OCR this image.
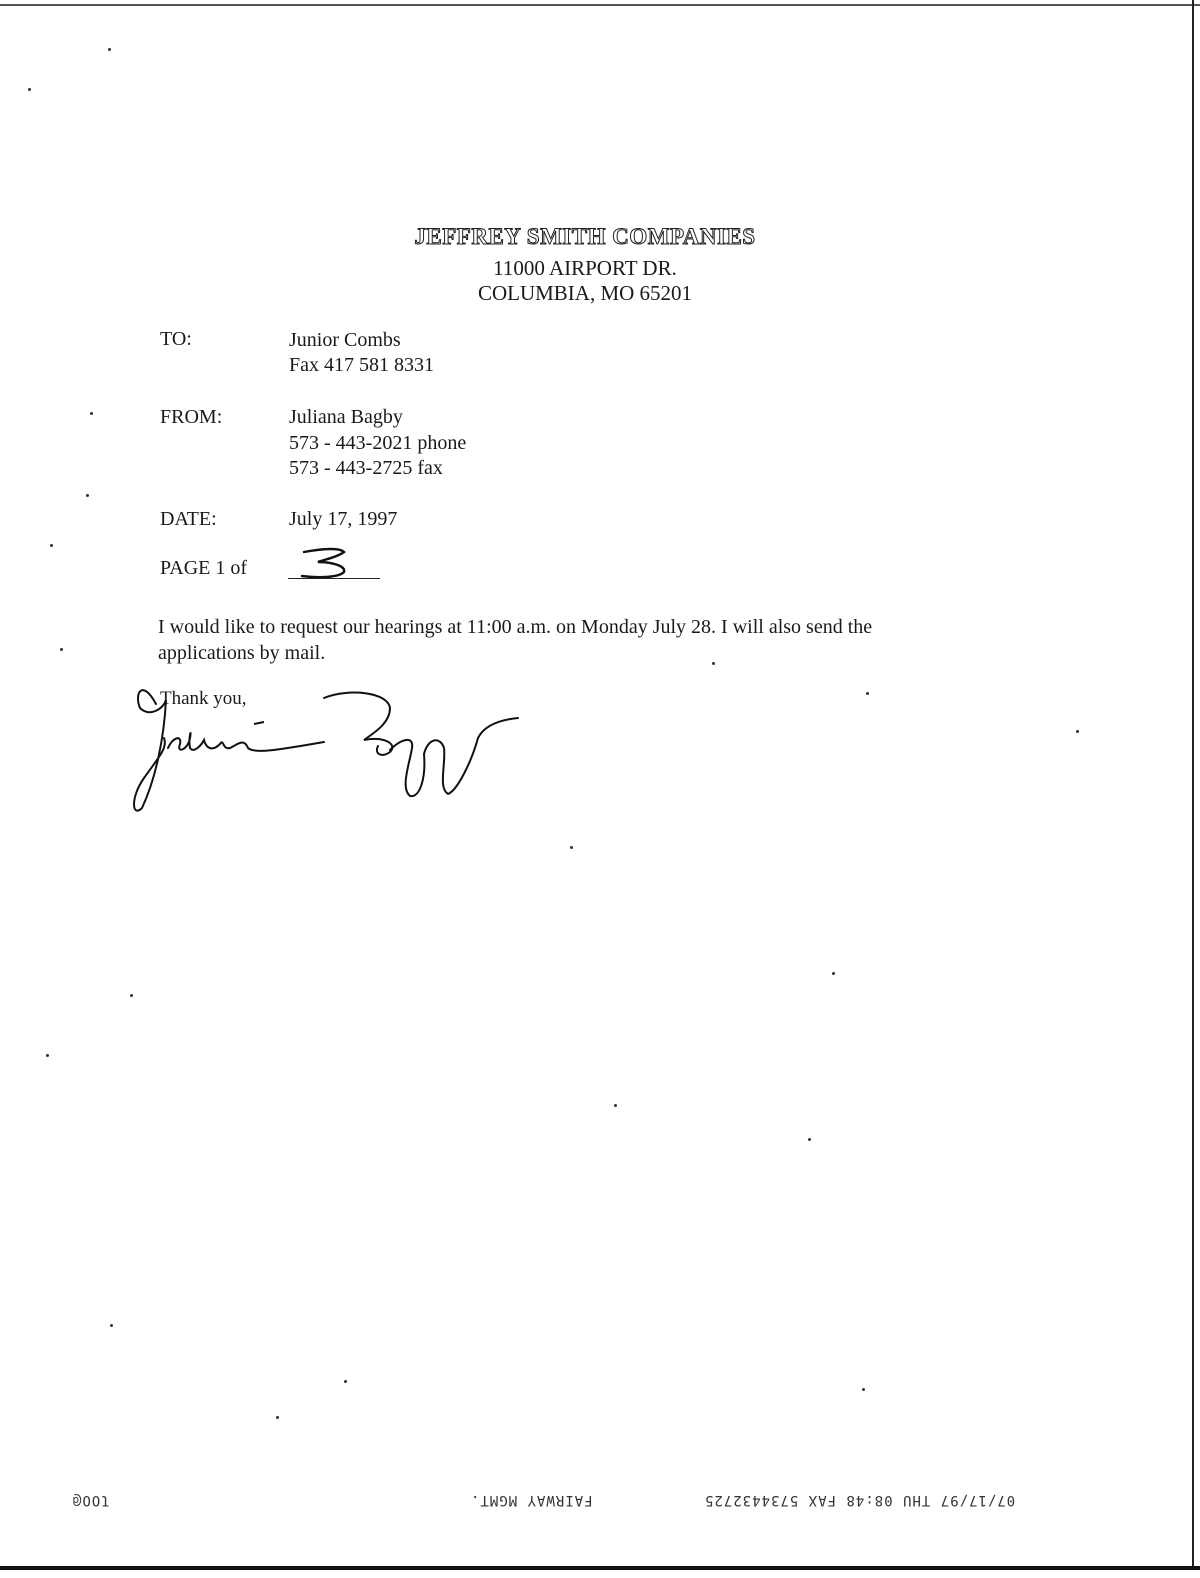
JEFFREY SMITH COMPANIES
11000 AIRPORT DR.
COLUMBIA, MO 65201
TO:	Junior Combs
Fax 417 581 8331
FROM:	Juliana Bagby
573 - 443-2021 phone
573 - 443-2725 fax
DATE:	July 17, 1997
PAGE 1 of
I would like to request our hearings at 11:00 a.m. on Monday July 28. I will also send the applications by mail.
Thank you,
ƖOO@	FAIRWAY MGMT.	07/17/97 THU 08:48 FAX 5734432725
